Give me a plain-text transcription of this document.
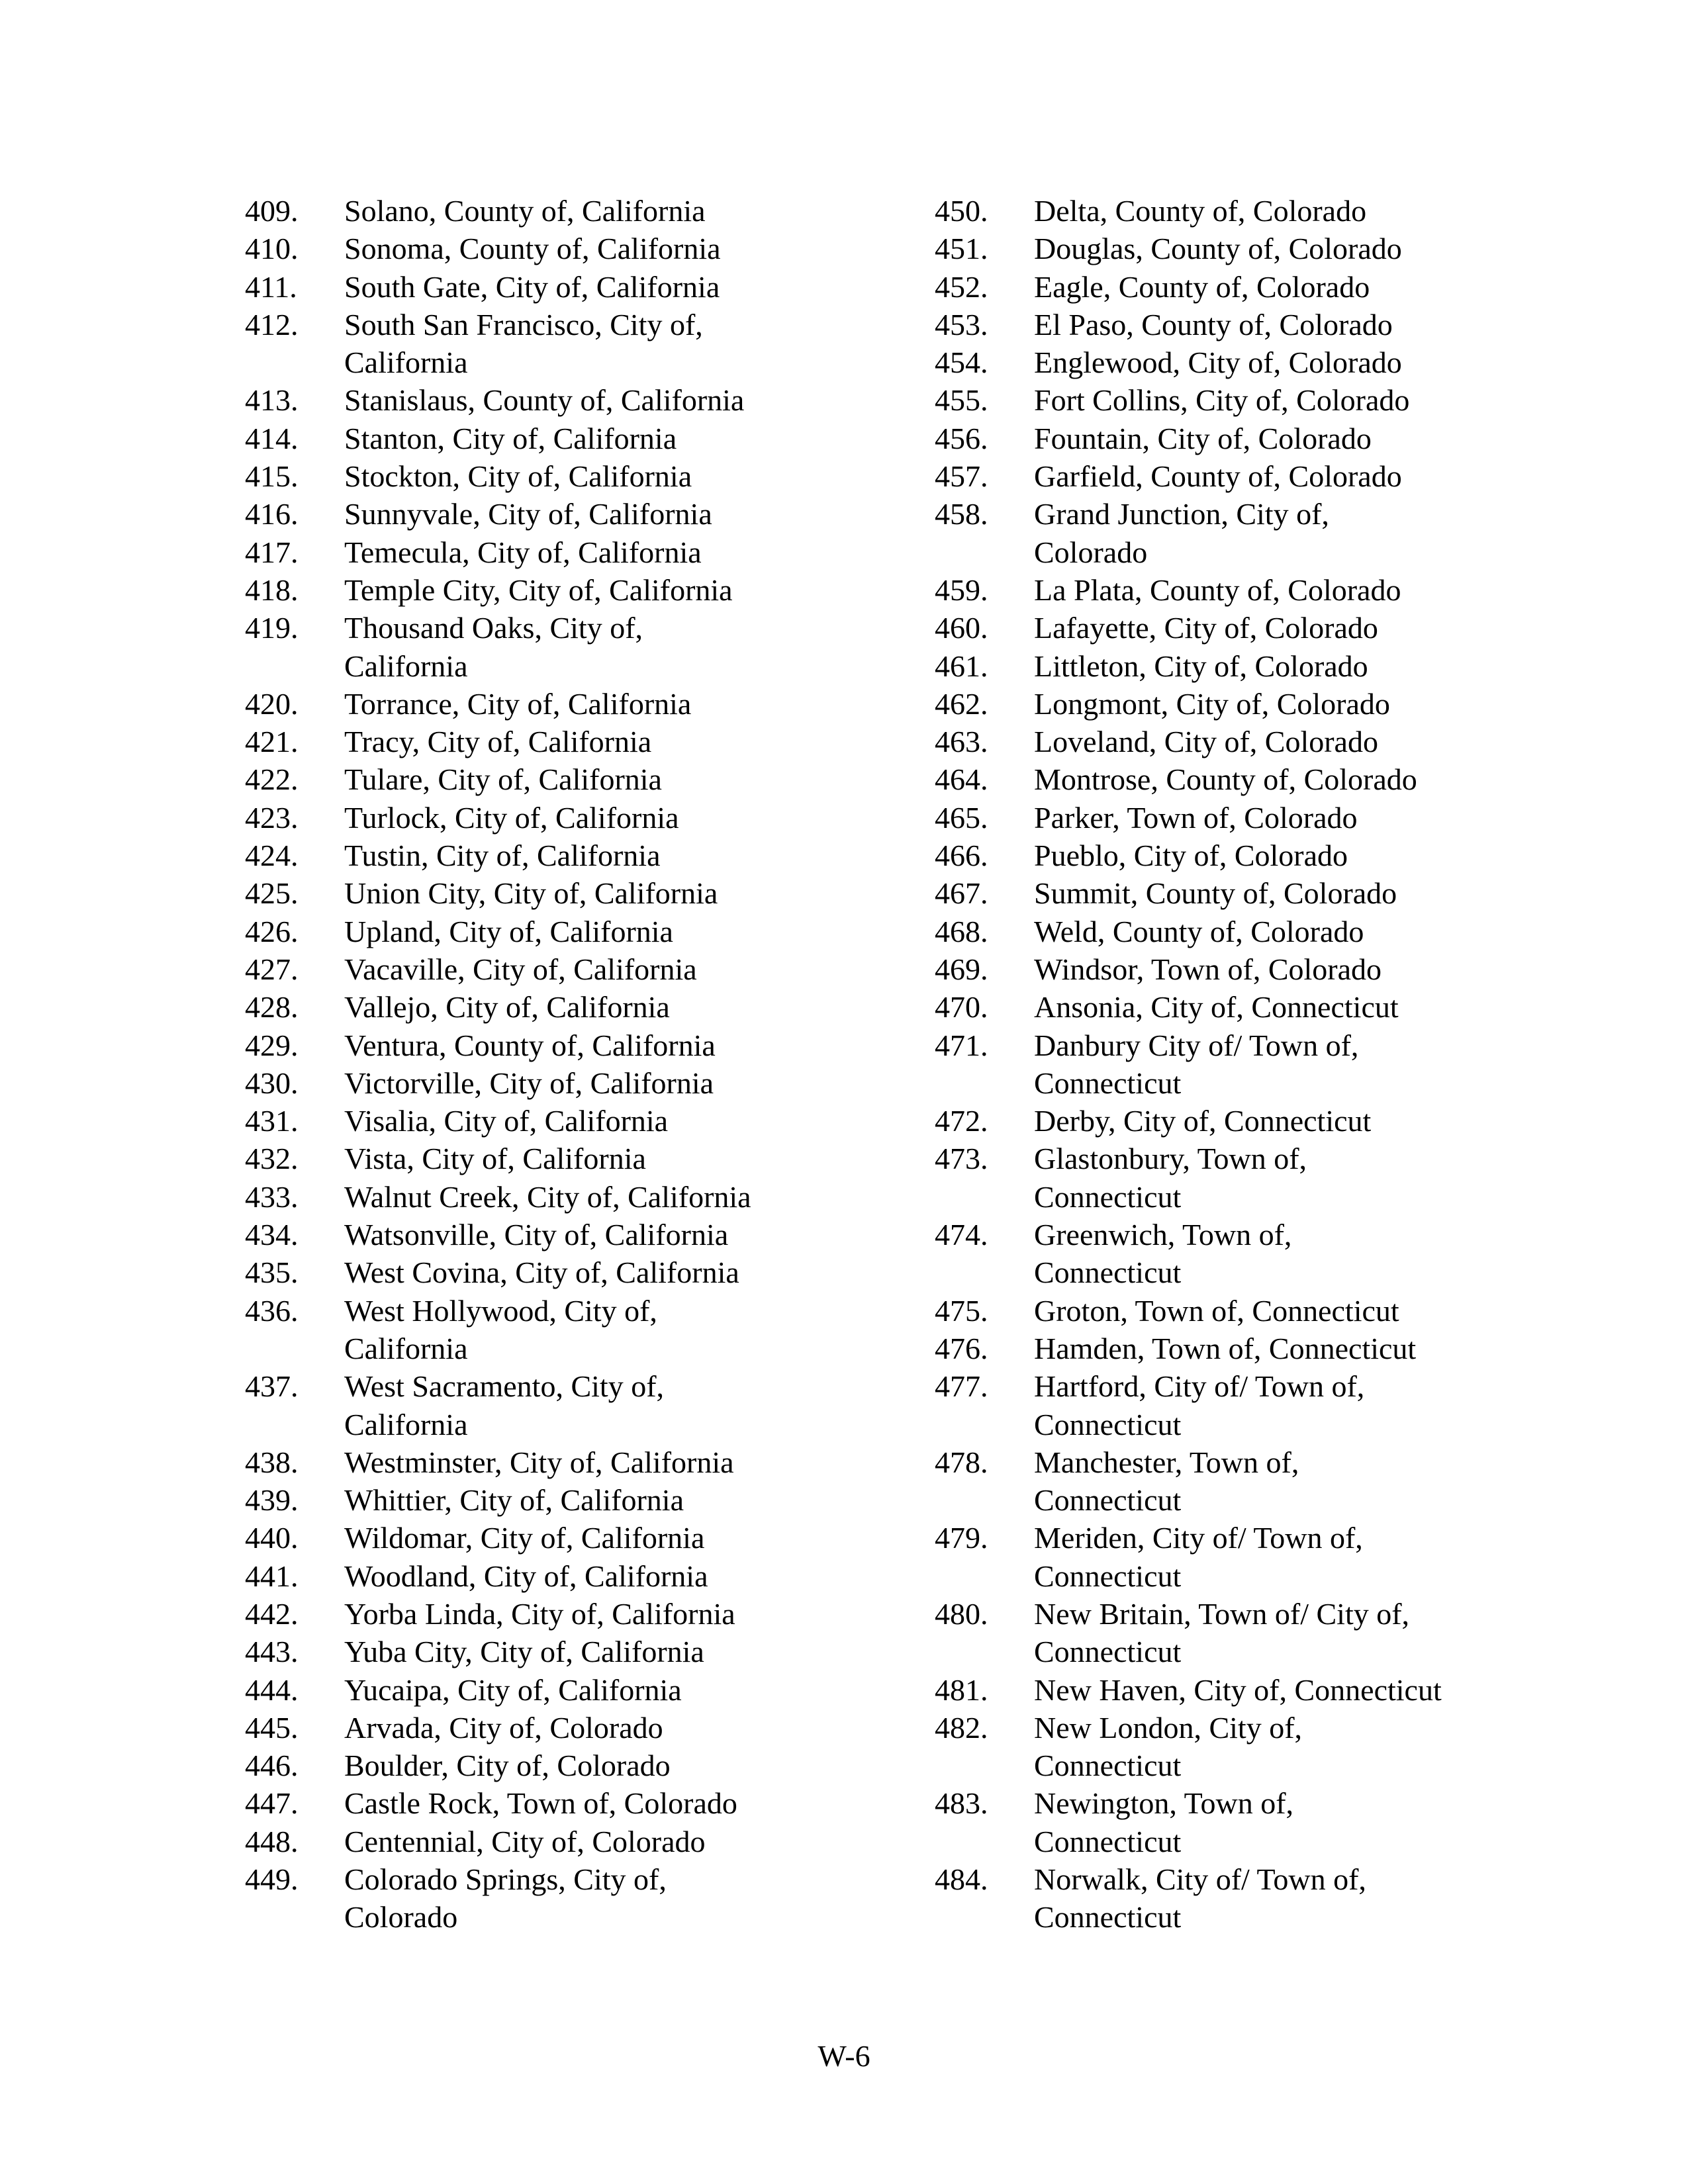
409.	Solano, County of, California
410.	Sonoma, County of, California
411.	South Gate, City of, California
412.	South San Francisco, City of,
California
413.	Stanislaus, County of, California
414.	Stanton, City of, California
415.	Stockton, City of, California
416.	Sunnyvale, City of, California
417.	Temecula, City of, California
418.	Temple City, City of, California
419.	Thousand Oaks, City of,
California
420.	Torrance, City of, California
421.	Tracy, City of, California
422.	Tulare, City of, California
423.	Turlock, City of, California
424.	Tustin, City of, California
425.	Union City, City of, California
426.	Upland, City of, California
427.	Vacaville, City of, California
428.	Vallejo, City of, California
429.	Ventura, County of, California
430.	Victorville, City of, California
431.	Visalia, City of, California
432.	Vista, City of, California
433.	Walnut Creek, City of, California
434.	Watsonville, City of, California
435.	West Covina, City of, California
436.	West Hollywood, City of,
California
437.	West Sacramento, City of,
California
438.	Westminster, City of, California
439.	Whittier, City of, California
440.	Wildomar, City of, California
441.	Woodland, City of, California
442.	Yorba Linda, City of, California
443.	Yuba City, City of, California
444.	Yucaipa, City of, California
445.	Arvada, City of, Colorado
446.	Boulder, City of, Colorado
447.	Castle Rock, Town of, Colorado
448.	Centennial, City of, Colorado
449.	Colorado Springs, City of,
Colorado
450.	Delta, County of, Colorado
451.	Douglas, County of, Colorado
452.	Eagle, County of, Colorado
453.	El Paso, County of, Colorado
454.	Englewood, City of, Colorado
455.	Fort Collins, City of, Colorado
456.	Fountain, City of, Colorado
457.	Garfield, County of, Colorado
458.	Grand Junction, City of,
Colorado
459.	La Plata, County of, Colorado
460.	Lafayette, City of, Colorado
461.	Littleton, City of, Colorado
462.	Longmont, City of, Colorado
463.	Loveland, City of, Colorado
464.	Montrose, County of, Colorado
465.	Parker, Town of, Colorado
466.	Pueblo, City of, Colorado
467.	Summit, County of, Colorado
468.	Weld, County of, Colorado
469.	Windsor, Town of, Colorado
470.	Ansonia, City of, Connecticut
471.	Danbury City of/ Town of,
Connecticut
472.	Derby, City of, Connecticut
473.	Glastonbury, Town of,
Connecticut
474.	Greenwich, Town of,
Connecticut
475.	Groton, Town of, Connecticut
476.	Hamden, Town of, Connecticut
477.	Hartford, City of/ Town of,
Connecticut
478.	Manchester, Town of,
Connecticut
479.	Meriden, City of/ Town of,
Connecticut
480.	New Britain, Town of/ City of,
Connecticut
481.	New Haven, City of, Connecticut
482.	New London, City of,
Connecticut
483.	Newington, Town of,
Connecticut
484.	Norwalk, City of/ Town of,
Connecticut
W-6
